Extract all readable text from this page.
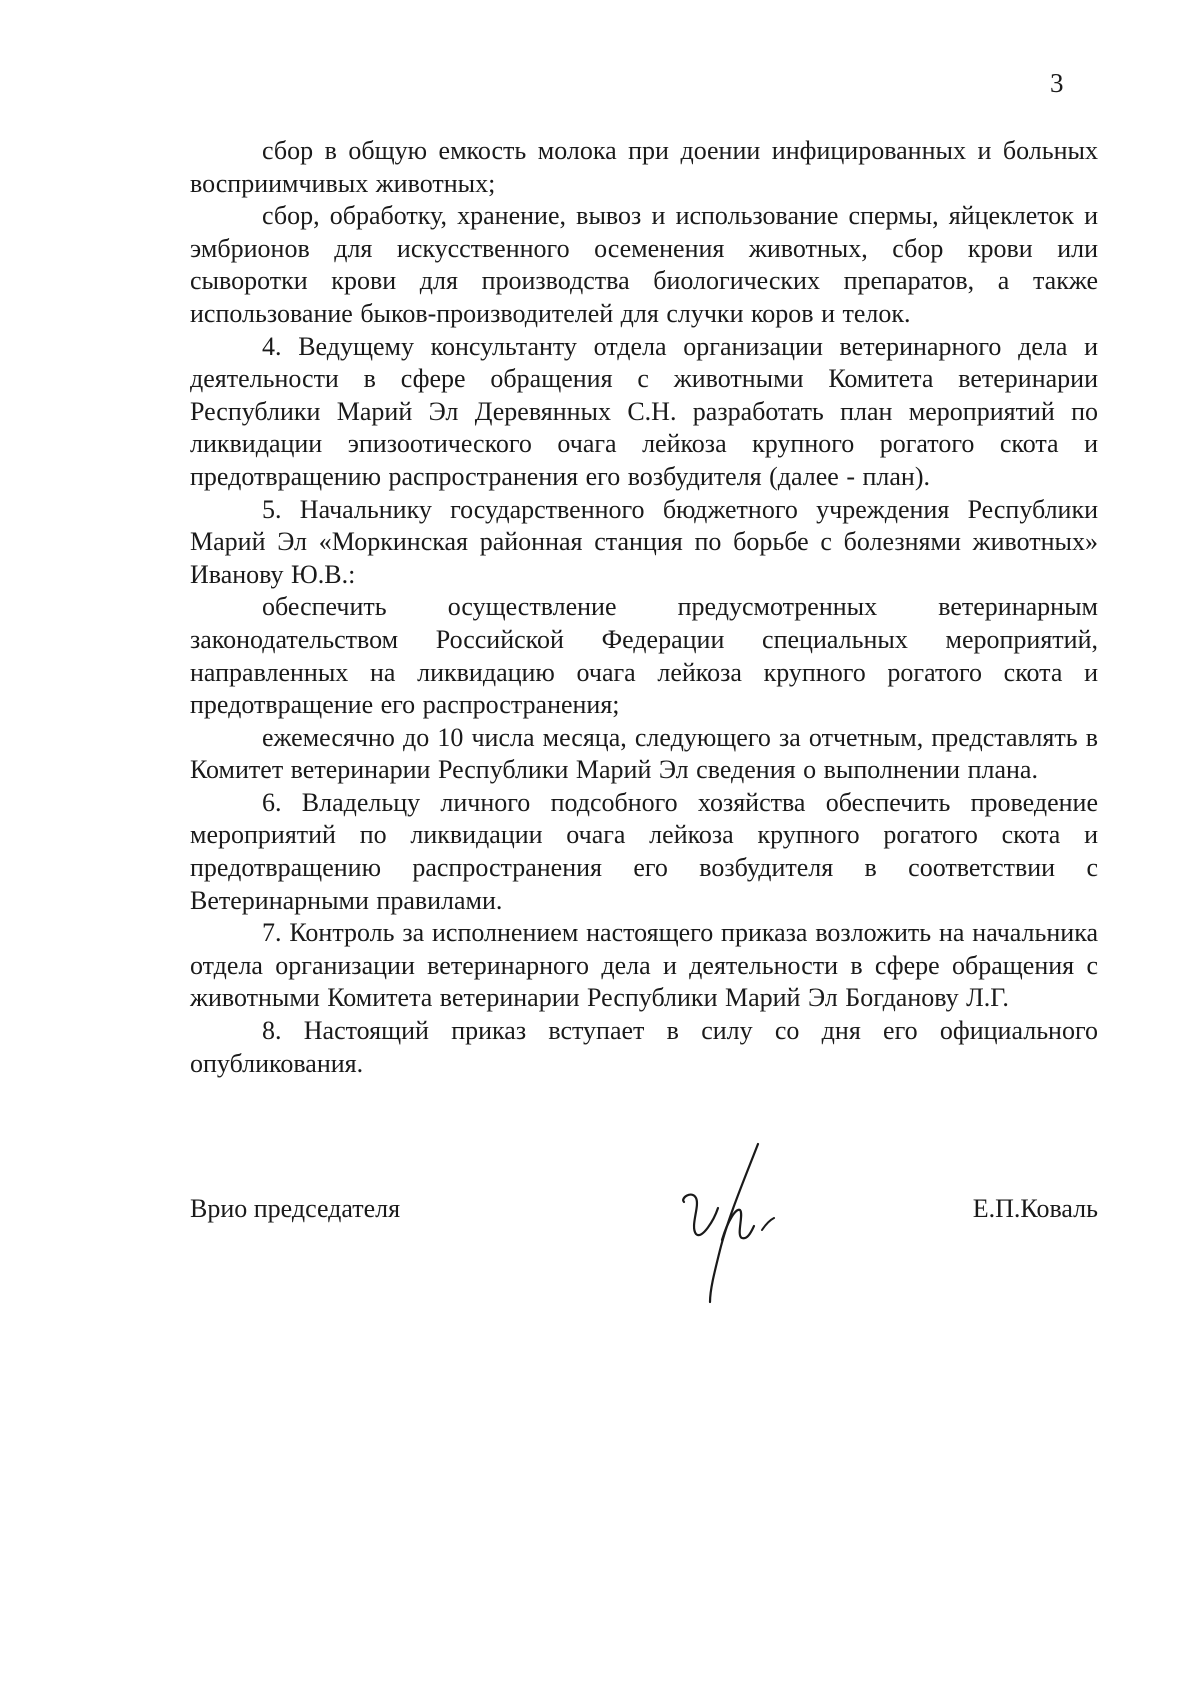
3

сбор в общую емкость молока при доении инфицированных и больных восприимчивых животных;

сбор, обработку, хранение, вывоз и использование спермы, яйцеклеток и эмбрионов для искусственного осеменения животных, сбор крови или сыворотки крови для производства биологических препаратов, а также использование быков-производителей для случки коров и телок.

4. Ведущему консультанту отдела организации ветеринарного дела и деятельности в сфере обращения с животными Комитета ветеринарии Республики Марий Эл Деревянных С.Н. разработать план мероприятий по ликвидации эпизоотического очага лейкоза крупного рогатого скота и предотвращению распространения его возбудителя (далее - план).

5. Начальнику государственного бюджетного учреждения Республики Марий Эл «Моркинская районная станция по борьбе с болезнями животных» Иванову Ю.В.:

обеспечить осуществление предусмотренных ветеринарным законодательством Российской Федерации специальных мероприятий, направленных на ликвидацию очага лейкоза крупного рогатого скота и предотвращение его распространения;

ежемесячно до 10 числа месяца, следующего за отчетным, представлять в Комитет ветеринарии Республики Марий Эл сведения о выполнении плана.

6. Владельцу личного подсобного хозяйства обеспечить проведение мероприятий по ликвидации очага лейкоза крупного рогатого скота и предотвращению распространения его возбудителя в соответствии с Ветеринарными правилами.

7. Контроль за исполнением настоящего приказа возложить на начальника отдела организации ветеринарного дела и деятельности в сфере обращения с животными Комитета ветеринарии Республики Марий Эл Богданову Л.Г.

8. Настоящий приказ вступает в силу со дня его официального опубликования.

Врио председателя	Е.П.Коваль
